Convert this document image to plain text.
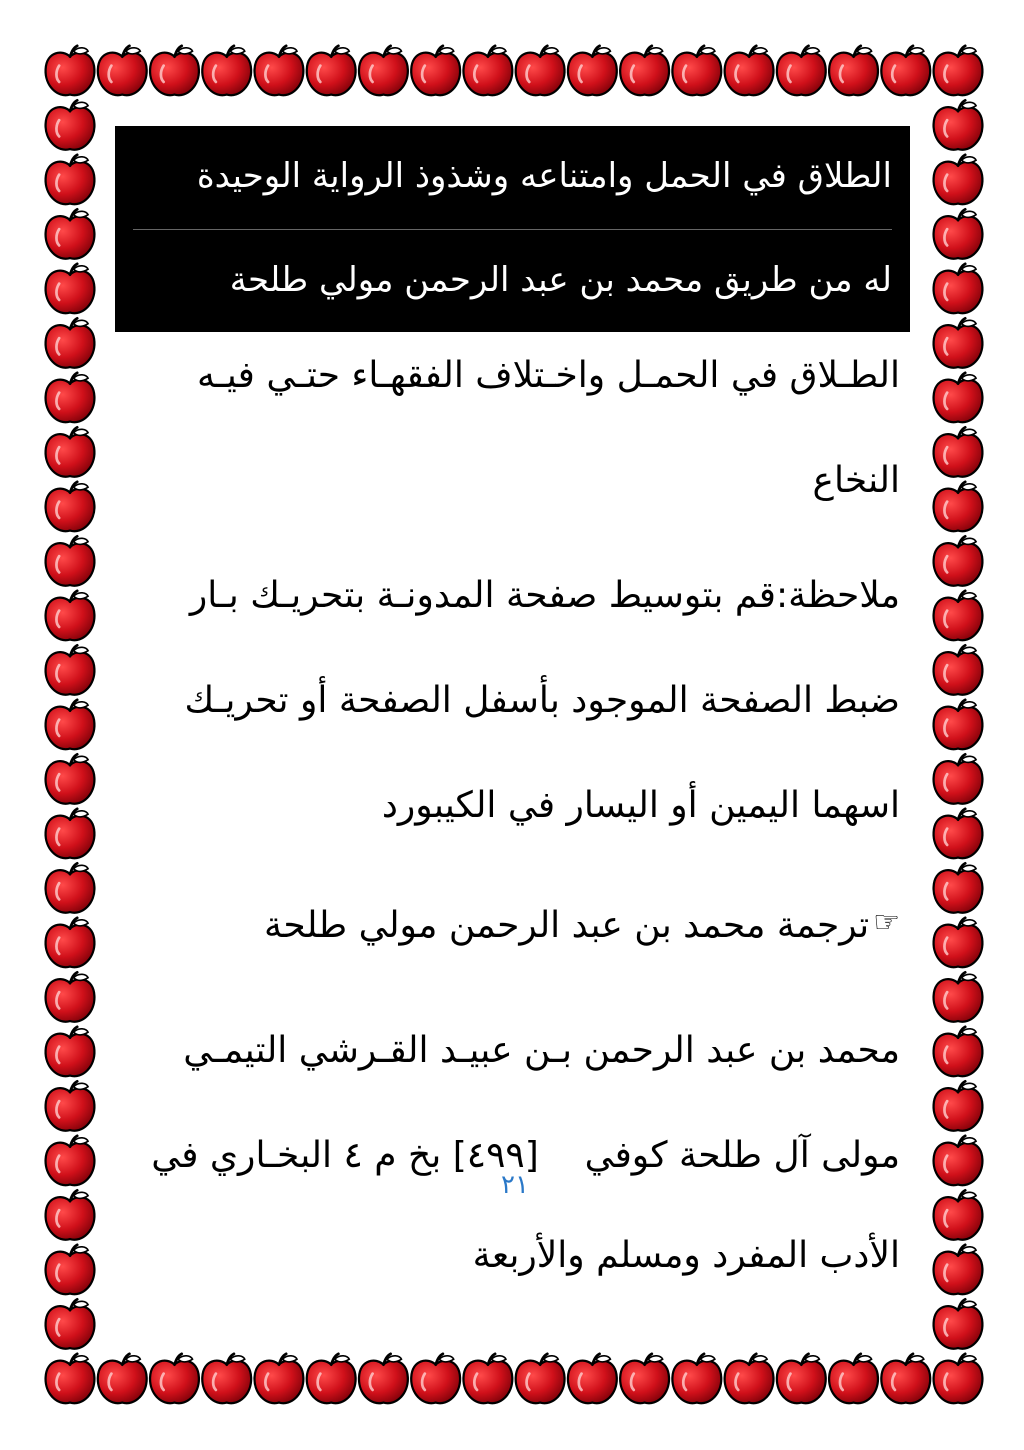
الطلاق في الحمل وامتناعه وشذوذ الرواية الوحيدة
له من طريق محمد بن عبد الرحمن مولي طلحة
الطـلاق في الحمـل واخـتلاف الفقهـاء حتـي فيـه
النخاع
ملاحظة:قم بتوسيط صفحة المدونـة بتحريـك بـار
ضبط الصفحة الموجود بأسفل الصفحة أو تحريـك
اسهما اليمين أو اليسار في الكيبورد
ترجمة محمد بن عبد الرحمن مولي طلحة ☞
محمد بن عبد الرحمن بـن عبيـد القـرشي التيمـي
مولى آل طلحة كوفي    [٤٩٩] بخ م ٤ البخـاري في
الأدب المفرد ومسلم والأربعة
٢١
